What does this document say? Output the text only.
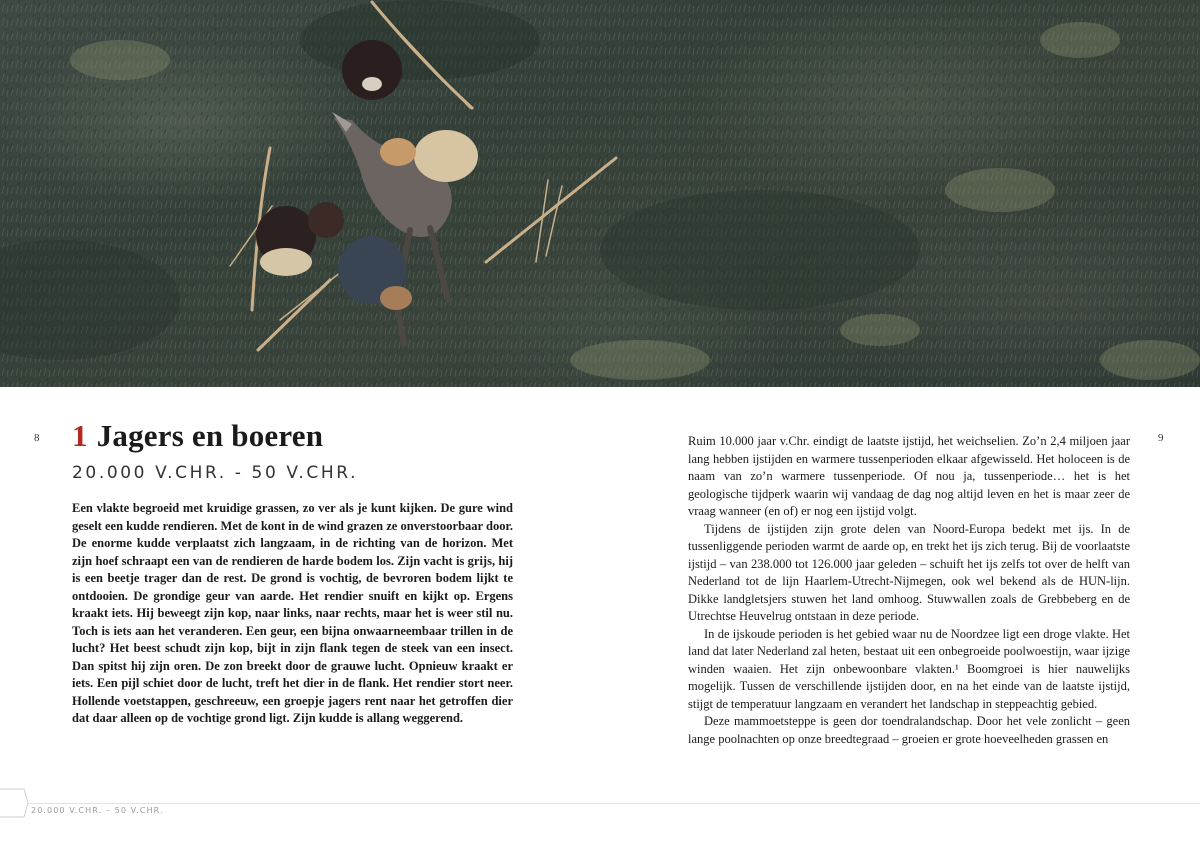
8	9
1 Jagers en boeren
20.000 V.CHR. - 50 V.CHR.

Een vlakte begroeid met kruidige grassen, zo ver als je kunt kijken. De gure wind geselt een kudde rendieren. Met de kont in de wind grazen ze onverstoorbaar door. De enorme kudde verplaatst zich langzaam, in de richting van de horizon. Met zijn hoef schraapt een van de rendieren de harde bodem los. Zijn vacht is grijs, hij is een beetje trager dan de rest. De grond is vochtig, de bevroren bodem lijkt te ontdooien. De grondige geur van aarde. Het rendier snuift en kijkt op. Ergens kraakt iets. Hij beweegt zijn kop, naar links, naar rechts, maar het is weer stil nu. Toch is iets aan het veranderen. Een geur, een bijna onwaarneembaar trillen in de lucht? Het beest schudt zijn kop, bijt in zijn flank tegen de steek van een insect. Dan spitst hij zijn oren. De zon breekt door de grauwe lucht. Opnieuw kraakt er iets. Een pijl schiet door de lucht, treft het dier in de flank. Het rendier stort neer. Hollende voetstappen, geschreeuw, een groepje jagers rent naar het getroffen dier dat daar alleen op de vochtige grond ligt. Zijn kudde is allang weggerend.

Ruim 10.000 jaar v.Chr. eindigt de laatste ijstijd, het weichselien. Zo’n 2,4 miljoen jaar lang hebben ijstijden en warmere tussenperioden elkaar afgewisseld. Het holoceen is de naam van zo’n warmere tussenperiode. Of nou ja, tussenperiode… het is het geologische tijdperk waarin wij vandaag de dag nog altijd leven en het is maar zeer de vraag wanneer (en of) er nog een ijstijd volgt.

Tijdens de ijstijden zijn grote delen van Noord-Europa bedekt met ijs. In de tussenliggende perioden warmt de aarde op, en trekt het ijs zich terug. Bij de voorlaatste ijstijd – van 238.000 tot 126.000 jaar geleden – schuift het ijs zelfs tot over de helft van Nederland tot de lijn Haarlem-Utrecht-Nijmegen, ook wel bekend als de HUN-lijn. Dikke landgletsjers stuwen het land omhoog. Stuwwallen zoals de Grebbeberg en de Utrechtse Heuvelrug ontstaan in deze periode.

In de ijskoude perioden is het gebied waar nu de Noordzee ligt een droge vlakte. Het land dat later Nederland zal heten, bestaat uit een onbegroeide poolwoestijn, waar ijzige winden waaien. Het zijn onbewoonbare vlakten.¹ Boomgroei is hier nauwelijks mogelijk. Tussen de verschillende ijstijden door, en na het einde van de laatste ijstijd, stijgt de temperatuur langzaam en verandert het landschap in steppeachtig gebied.

Deze mammoetsteppe is geen dor toendralandschap. Door het vele zonlicht – geen lange poolnachten op onze breedtegraad – groeien er grote hoeveelheden grassen en

20.000 V.CHR. – 50 V.CHR.
